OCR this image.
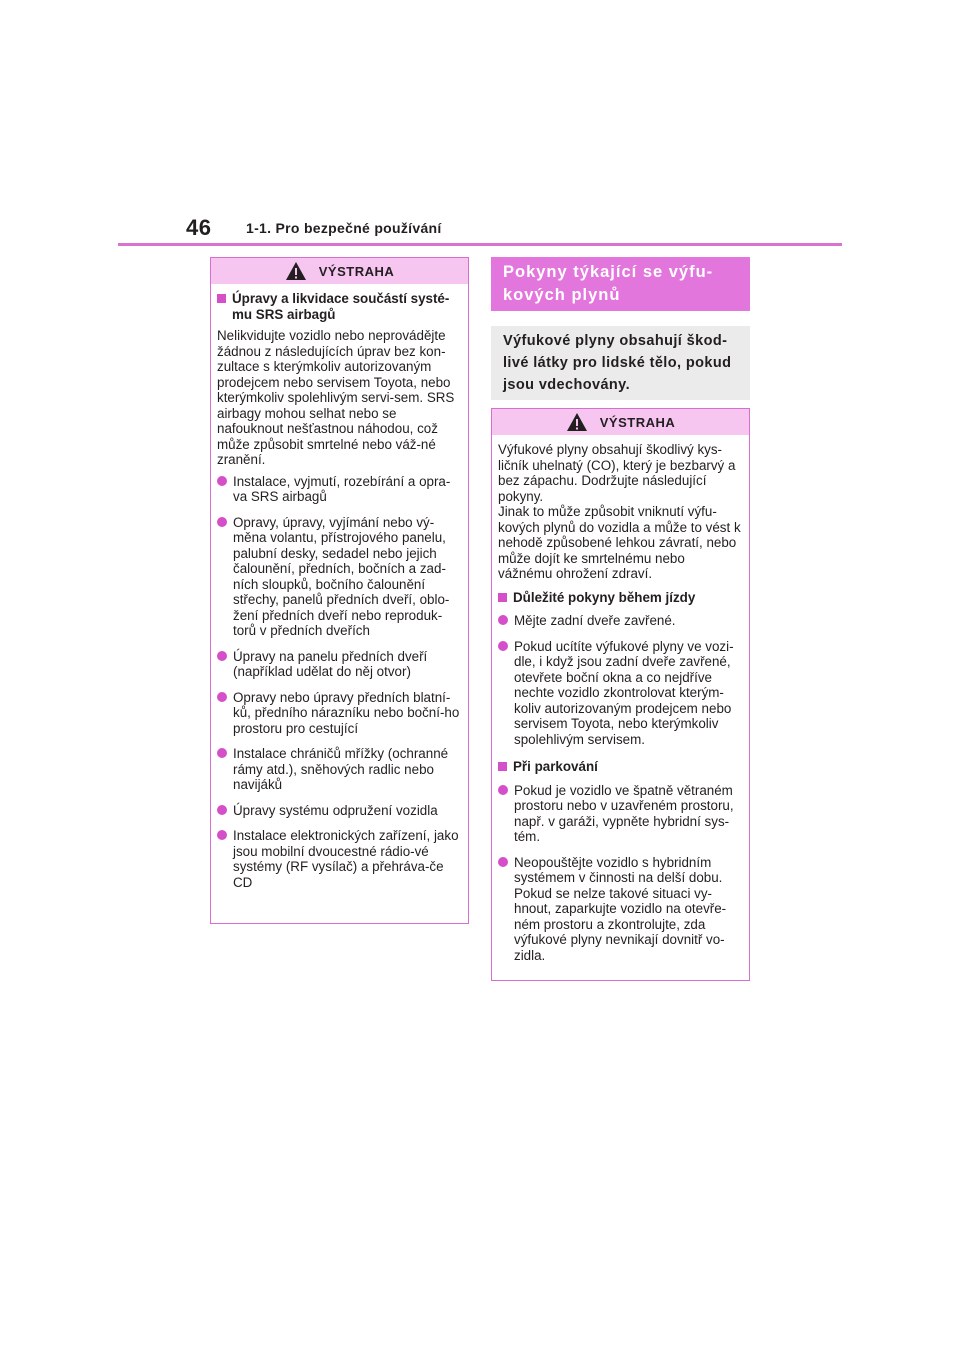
46 1-1. Pro bezpečné používání
VÝSTRAHA
Úpravy a likvidace součástí systé-mu SRS airbagů

Nelikvidujte vozidlo nebo neprovádějte žádnou z následujících úprav bez kon-zultace s kterýmkoliv autorizovaným prodejcem nebo servisem Toyota, nebo kterýmkoliv spolehlivým servi-sem. SRS airbagy mohou selhat nebo se nafouknout nešťastnou náhodou, což může způsobit smrtelné nebo váž-né zranění.

Instalace, vyjmutí, rozebírání a opra-va SRS airbagů
Opravy, úpravy, vyjímání nebo vý-měna volantu, přístrojového panelu, palubní desky, sedadel nebo jejich čalounění, předních, bočních a zad-ních sloupků, bočního čalounění střechy, panelů předních dveří, oblo-žení předních dveří nebo reproduk-torů v předních dveřích
Úpravy na panelu předních dveří (například udělat do něj otvor)
Opravy nebo úpravy předních blatní-ků, předního nárazníku nebo boční-ho prostoru pro cestující
Instalace chráničů mřížky (ochranné rámy atd.), sněhových radlic nebo navijáků
Úpravy systému odpružení vozidla
Instalace elektronických zařízení, jako jsou mobilní dvoucestné rádio-vé systémy (RF vysílač) a přehráva-če CD
Pokyny týkající se výfu-kových plynů
Výfukové plyny obsahují škod-livé látky pro lidské tělo, pokud jsou vdechovány.
VÝSTRAHA

Výfukové plyny obsahují škodlivý kys-ličník uhelnatý (CO), který je bezbarvý a bez zápachu. Dodržujte následující pokyny.

Jinak to může způsobit vniknutí výfu-kových plynů do vozidla a může to vést k nehodě způsobené lehkou závratí, nebo může dojít ke smrtelnému nebo vážnému ohrožení zdraví.

Důležité pokyny během jízdy
Mějte zadní dveře zavřené.
Pokud ucítíte výfukové plyny ve vozi-dle, i když jsou zadní dveře zavřené, otevřete boční okna a co nejdříve nechte vozidlo zkontrolovat kterým-koliv autorizovaným prodejcem nebo servisem Toyota, nebo kterýmkoliv spolehlivým servisem.
Při parkování
Pokud je vozidlo ve špatně větraném prostoru nebo v uzavřeném prostoru, např. v garáži, vypněte hybridní sys-tém.
Neopouštějte vozidlo s hybridním systémem v činnosti na delší dobu. Pokud se nelze takové situaci vy-hnout, zaparkujte vozidlo na otevře-ném prostoru a zkontrolujte, zda výfukové plyny nevnikají dovnitř vo-zidla.
